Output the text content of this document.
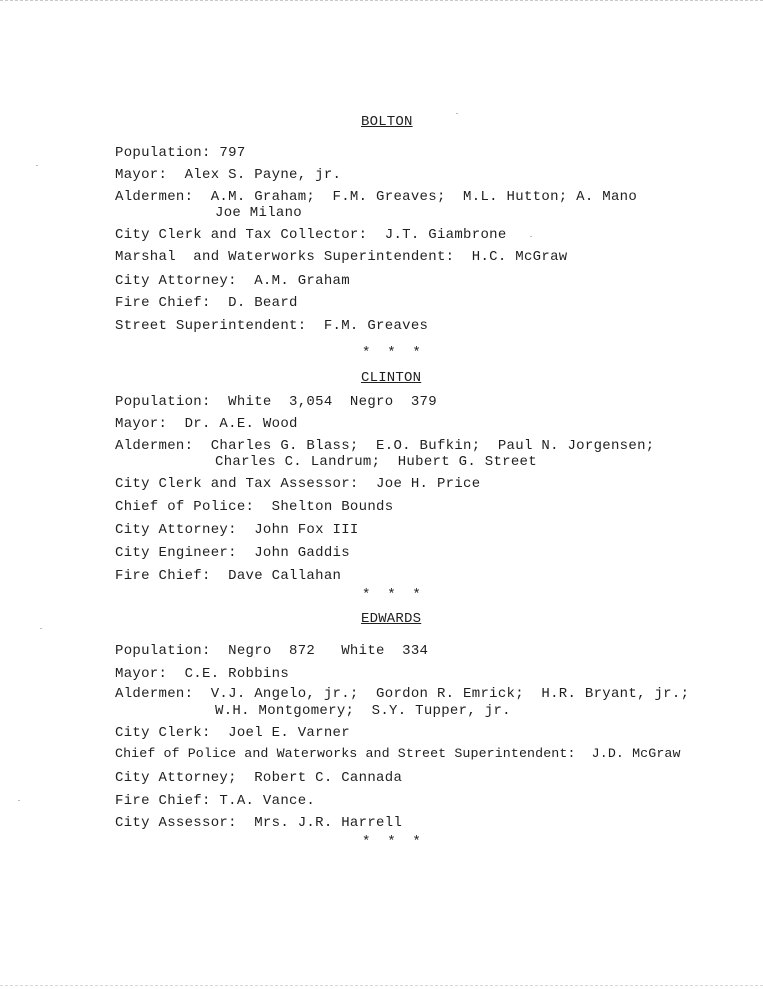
BOLTON
Population: 797
Mayor:  Alex S. Payne, jr.
Aldermen:  A.M. Graham;  F.M. Greaves;  M.L. Hutton; A. Mano
Joe Milano
City Clerk and Tax Collector:  J.T. Giambrone
Marshal  and Waterworks Superintendent:  H.C. McGraw
City Attorney:  A.M. Graham
Fire Chief:  D. Beard
Street Superintendent:  F.M. Greaves
*  *  *
CLINTON
Population:  White  3,054  Negro  379
Mayor:  Dr. A.E. Wood
Aldermen:  Charles G. Blass;  E.O. Bufkin;  Paul N. Jorgensen;
Charles C. Landrum;  Hubert G. Street
City Clerk and Tax Assessor:  Joe H. Price
Chief of Police:  Shelton Bounds
City Attorney:  John Fox III
City Engineer:  John Gaddis
Fire Chief:  Dave Callahan
*  *  *
EDWARDS
Population:  Negro  872   White  334
Mayor:  C.E. Robbins
Aldermen:  V.J. Angelo, jr.;  Gordon R. Emrick;  H.R. Bryant, jr.;
W.H. Montgomery;  S.Y. Tupper, jr.
City Clerk:  Joel E. Varner
Chief of Police and Waterworks and Street Superintendent:  J.D. McGraw
City Attorney;  Robert C. Cannada
Fire Chief: T.A. Vance.
City Assessor:  Mrs. J.R. Harrell
*  *  *
